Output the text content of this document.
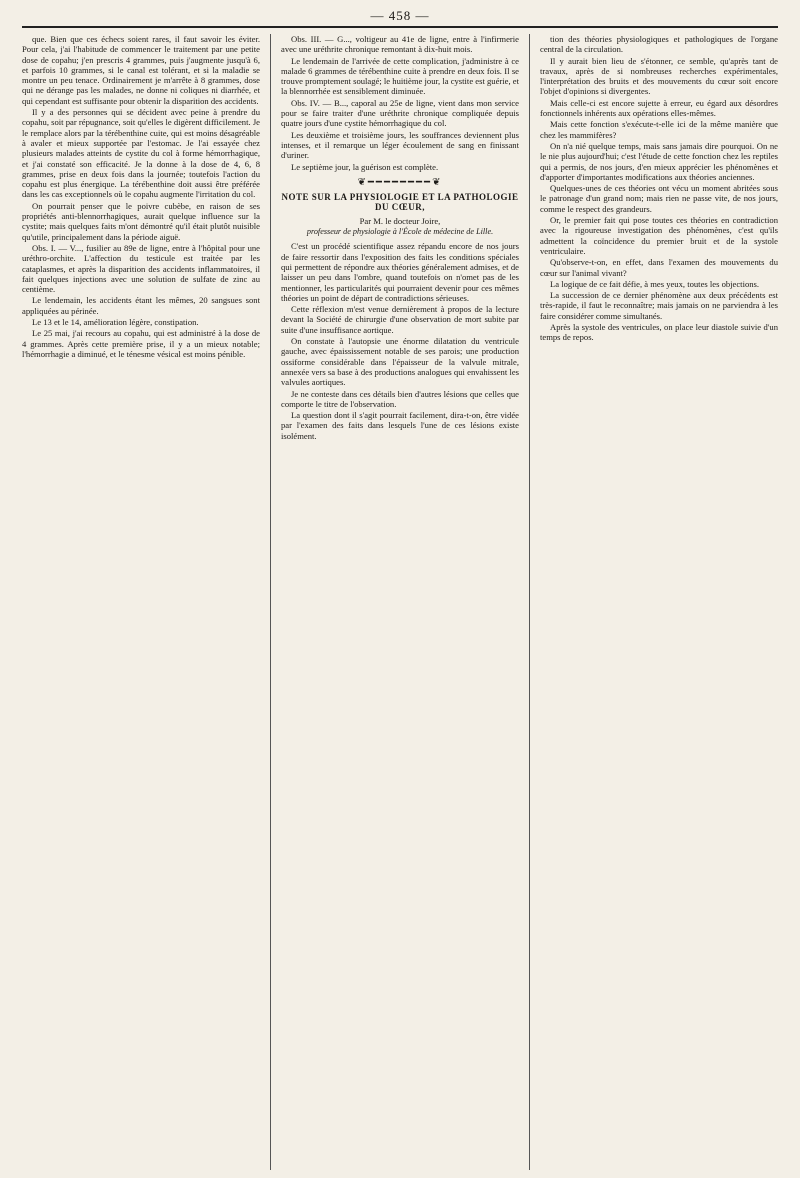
— 458 —

que. Bien que ces échecs soient rares, il faut savoir les éviter. Pour cela, j'ai l'habitude de commencer le traitement par une petite dose de copahu; j'en prescris 4 grammes, puis j'augmente jusqu'à 6, et parfois 10 grammes, si le canal est tolérant, et si la maladie se montre un peu tenace. Ordinairement je m'arrête à 8 grammes, dose qui ne dérange pas les malades, ne donne ni coliques ni diarrhée, et qui cependant est suffisante pour obtenir la disparition des accidents.

Il y a des personnes qui se décident avec peine à prendre du copahu, soit par répugnance, soit qu'elles le digèrent difficilement. Je le remplace alors par la térébenthine cuite, qui est moins désagréable à avaler et mieux supportée par l'estomac. Je l'ai essayée chez plusieurs malades atteints de cystite du col à forme hémorrhagique, et j'ai constaté son efficacité. Je la donne à la dose de 4, 6, 8 grammes, prise en deux fois dans la journée; toutefois l'action du copahu est plus énergique. La térébenthine doit aussi être préférée dans les cas exceptionnels où le copahu augmente l'irritation du col.

On pourrait penser que le poivre cubèbe, en raison de ses propriétés anti-blennorrhagiques, aurait quelque influence sur la cystite; mais quelques faits m'ont démontré qu'il était plutôt nuisible qu'utile, principalement dans la période aiguë.

Obs. I. — V..., fusilier au 89e de ligne, entre à l'hôpital pour une uréthro-orchite. L'affection du testicule est traitée par les cataplasmes, et après la disparition des accidents inflammatoires, il fait quelques injections avec une solution de sulfate de zinc au centième.

Le lendemain, les accidents étant les mêmes, 20 sangsues sont appliquées au périnée.

Le 13 et le 14, amélioration légère, constipation.

Le 25 mai, j'ai recours au copahu, qui est administré à la dose de 4 grammes. Après cette première prise, il y a un mieux notable; l'hémorrhagie a diminué, et le ténesme vésical est moins pénible.

Obs. III. — G..., voltigeur au 41e de ligne, entre à l'infirmerie avec une uréthrite chronique remontant à dix-huit mois.

Le lendemain de l'arrivée de cette complication, j'administre à ce malade 6 grammes de térébenthine cuite à prendre en deux fois. Il se trouve promptement soulagé; le huitième jour, la cystite est guérie, et la blennorrhée est sensiblement diminuée.

Obs. IV. — B..., caporal au 25e de ligne, vient dans mon service pour se faire traiter d'une uréthrite chronique compliquée depuis quatre jours d'une cystite hémorrhagique du col.

Les deuxième et troisième jours, les souffrances deviennent plus intenses, et il remarque un léger écoulement de sang en finissant d'uriner.

Le septième jour, la guérison est complète.

❦━━━━━━━━❦
NOTE SUR LA PHYSIOLOGIE ET LA PATHOLOGIE DU CŒUR,
Par M. le docteur Joire,
professeur de physiologie à l'École de médecine de Lille.

C'est un procédé scientifique assez répandu encore de nos jours de faire ressortir dans l'exposition des faits les conditions spéciales qui permettent de répondre aux théories généralement admises, et de laisser un peu dans l'ombre, quand toutefois on n'omet pas de les mentionner, les particularités qui pourraient devenir pour ces mêmes théories un point de départ de contradictions sérieuses.

Cette réflexion m'est venue dernièrement à propos de la lecture devant la Société de chirurgie d'une observation de mort subite par suite d'une insuffisance aortique.

On constate à l'autopsie une énorme dilatation du ventricule gauche, avec épaississement notable de ses parois; une production ossiforme considérable dans l'épaisseur de la valvule mitrale, annexée vers sa base à des productions analogues qui envahissent les valvules aortiques.

Je ne conteste dans ces détails bien d'autres lésions que celles que comporte le titre de l'observation.

La question dont il s'agit pourrait facilement, dira-t-on, être vidée par l'examen des faits dans lesquels l'une de ces lésions existe isolément.

tion des théories physiologiques et pathologiques de l'organe central de la circulation.

Il y aurait bien lieu de s'étonner, ce semble, qu'après tant de travaux, après de si nombreuses recherches expérimentales, l'interprétation des bruits et des mouvements du cœur soit encore l'objet d'opinions si divergentes.

Mais celle-ci est encore sujette à erreur, eu égard aux désordres fonctionnels inhérents aux opérations elles-mêmes.

Mais cette fonction s'exécute-t-elle ici de la même manière que chez les mammifères?

On n'a nié quelque temps, mais sans jamais dire pourquoi. On ne le nie plus aujourd'hui; c'est l'étude de cette fonction chez les reptiles qui a permis, de nos jours, d'en mieux apprécier les phénomènes et d'apporter d'importantes modifications aux théories anciennes.

Quelques-unes de ces théories ont vécu un moment abritées sous le patronage d'un grand nom; mais rien ne passe vite, de nos jours, comme le respect des grandeurs.

Or, le premier fait qui pose toutes ces théories en contradiction avec la rigoureuse investigation des phénomènes, c'est qu'ils admettent la coïncidence du premier bruit et de la systole ventriculaire.

Qu'observe-t-on, en effet, dans l'examen des mouvements du cœur sur l'animal vivant?

La logique de ce fait défie, à mes yeux, toutes les objections.

La succession de ce dernier phénomène aux deux précédents est très-rapide, il faut le reconnaître; mais jamais on ne parviendra à les faire considérer comme simultanés.

Après la systole des ventricules, on place leur diastole suivie d'un temps de repos.
